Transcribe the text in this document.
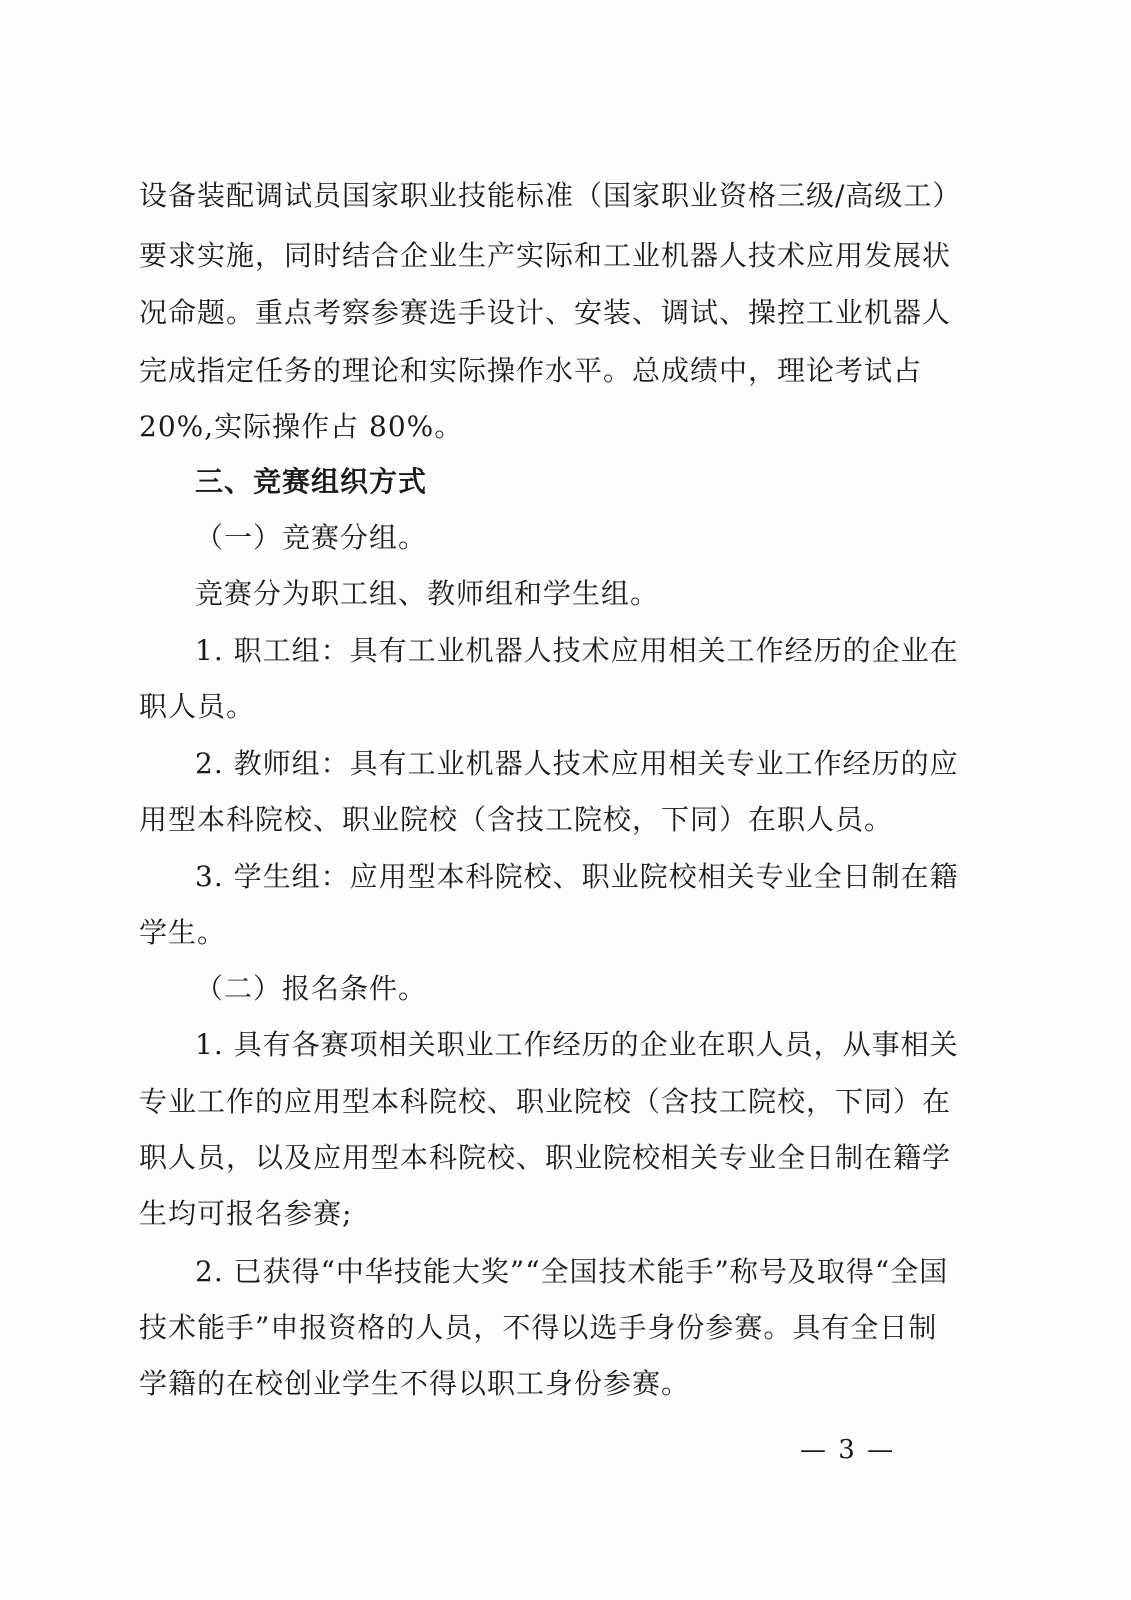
设备装配调试员国家职业技能标准（国家职业资格三级/高级工）
要求实施，同时结合企业生产实际和工业机器人技术应用发展状
况命题。重点考察参赛选手设计、安装、调试、操控工业机器人
完成指定任务的理论和实际操作水平。总成绩中，理论考试占
20%,实际操作占 80%。
三、竞赛组织方式
（一）竞赛分组。
竞赛分为职工组、教师组和学生组。
1. 职工组：具有工业机器人技术应用相关工作经历的企业在
职人员。
2. 教师组：具有工业机器人技术应用相关专业工作经历的应
用型本科院校、职业院校（含技工院校，下同）在职人员。
3. 学生组：应用型本科院校、职业院校相关专业全日制在籍
学生。
（二）报名条件。
1. 具有各赛项相关职业工作经历的企业在职人员，从事相关
专业工作的应用型本科院校、职业院校（含技工院校，下同）在
职人员，以及应用型本科院校、职业院校相关专业全日制在籍学
生均可报名参赛;
2. 已获得“中华技能大奖”“全国技术能手”称号及取得“全国
技术能手”申报资格的人员，不得以选手身份参赛。具有全日制
学籍的在校创业学生不得以职工身份参赛。
— 3 —
